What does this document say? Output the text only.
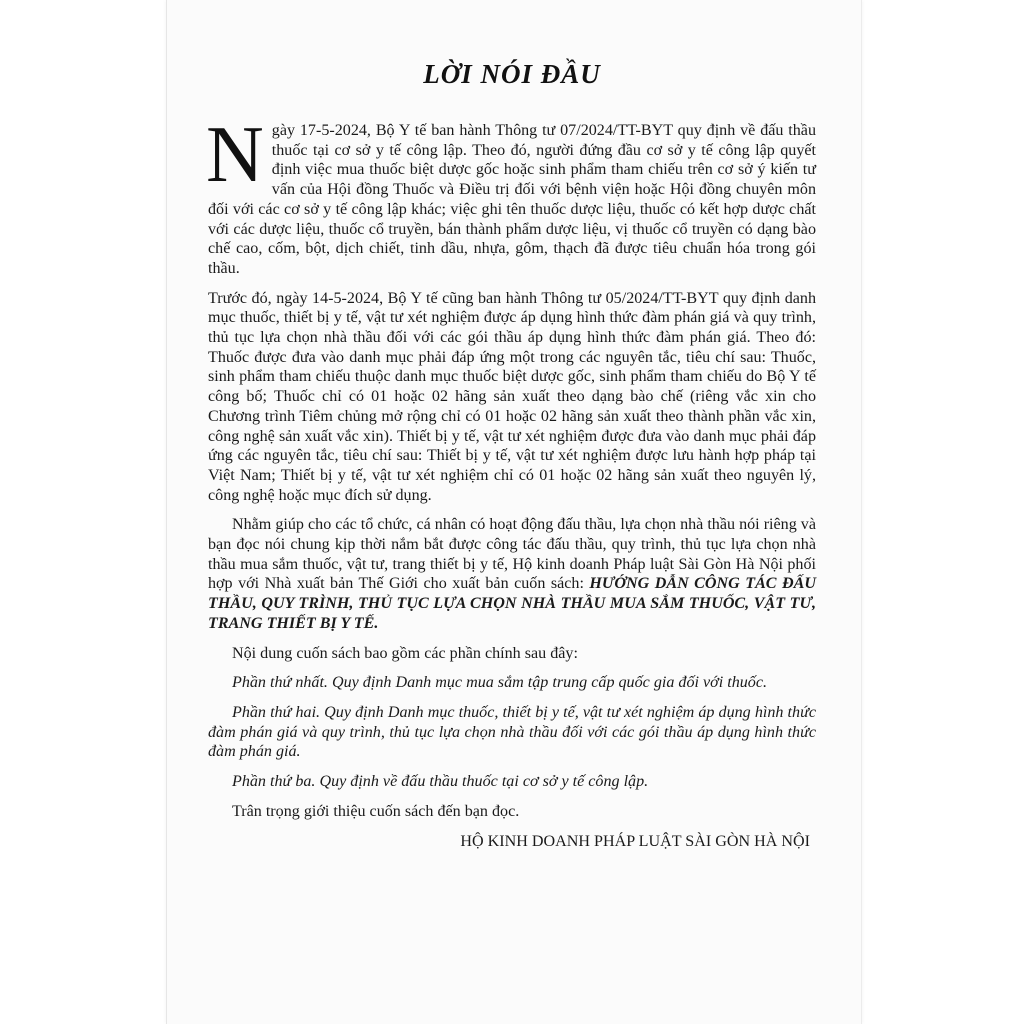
LỜI NÓI ĐẦU

Ngày 17-5-2024, Bộ Y tế ban hành Thông tư 07/2024/TT-BYT quy định về đấu thầu thuốc tại cơ sở y tế công lập. Theo đó, người đứng đầu cơ sở y tế công lập quyết định việc mua thuốc biệt dược gốc hoặc sinh phẩm tham chiếu trên cơ sở ý kiến tư vấn của Hội đồng Thuốc và Điều trị đối với bệnh viện hoặc Hội đồng chuyên môn đối với các cơ sở y tế công lập khác; việc ghi tên thuốc dược liệu, thuốc có kết hợp dược chất với các dược liệu, thuốc cổ truyền, bán thành phẩm dược liệu, vị thuốc cổ truyền có dạng bào chế cao, cốm, bột, dịch chiết, tinh dầu, nhựa, gôm, thạch đã được tiêu chuẩn hóa trong gói thầu.

Trước đó, ngày 14-5-2024, Bộ Y tế cũng ban hành Thông tư 05/2024/TT-BYT quy định danh mục thuốc, thiết bị y tế, vật tư xét nghiệm được áp dụng hình thức đàm phán giá và quy trình, thủ tục lựa chọn nhà thầu đối với các gói thầu áp dụng hình thức đàm phán giá. Theo đó: Thuốc được đưa vào danh mục phải đáp ứng một trong các nguyên tắc, tiêu chí sau: Thuốc, sinh phẩm tham chiếu thuộc danh mục thuốc biệt dược gốc, sinh phẩm tham chiếu do Bộ Y tế công bố; Thuốc chỉ có 01 hoặc 02 hãng sản xuất theo dạng bào chế (riêng vắc xin cho Chương trình Tiêm chủng mở rộng chỉ có 01 hoặc 02 hãng sản xuất theo thành phần vắc xin, công nghệ sản xuất vắc xin). Thiết bị y tế, vật tư xét nghiệm được đưa vào danh mục phải đáp ứng các nguyên tắc, tiêu chí sau: Thiết bị y tế, vật tư xét nghiệm được lưu hành hợp pháp tại Việt Nam; Thiết bị y tế, vật tư xét nghiệm chỉ có 01 hoặc 02 hãng sản xuất theo nguyên lý, công nghệ hoặc mục đích sử dụng.

Nhằm giúp cho các tổ chức, cá nhân có hoạt động đấu thầu, lựa chọn nhà thầu nói riêng và bạn đọc nói chung kịp thời nắm bắt được công tác đấu thầu, quy trình, thủ tục lựa chọn nhà thầu mua sắm thuốc, vật tư, trang thiết bị y tế, Hộ kinh doanh Pháp luật Sài Gòn Hà Nội phối hợp với Nhà xuất bản Thế Giới cho xuất bản cuốn sách: HƯỚNG DẪN CÔNG TÁC ĐẤU THẦU, QUY TRÌNH, THỦ TỤC LỰA CHỌN NHÀ THẦU MUA SẮM THUỐC, VẬT TƯ, TRANG THIẾT BỊ Y TẾ.

Nội dung cuốn sách bao gồm các phần chính sau đây:

Phần thứ nhất. Quy định Danh mục mua sắm tập trung cấp quốc gia đối với thuốc.

Phần thứ hai. Quy định Danh mục thuốc, thiết bị y tế, vật tư xét nghiệm áp dụng hình thức đàm phán giá và quy trình, thủ tục lựa chọn nhà thầu đối với các gói thầu áp dụng hình thức đàm phán giá.

Phần thứ ba. Quy định về đấu thầu thuốc tại cơ sở y tế công lập.

Trân trọng giới thiệu cuốn sách đến bạn đọc.

HỘ KINH DOANH PHÁP LUẬT SÀI GÒN HÀ NỘI
